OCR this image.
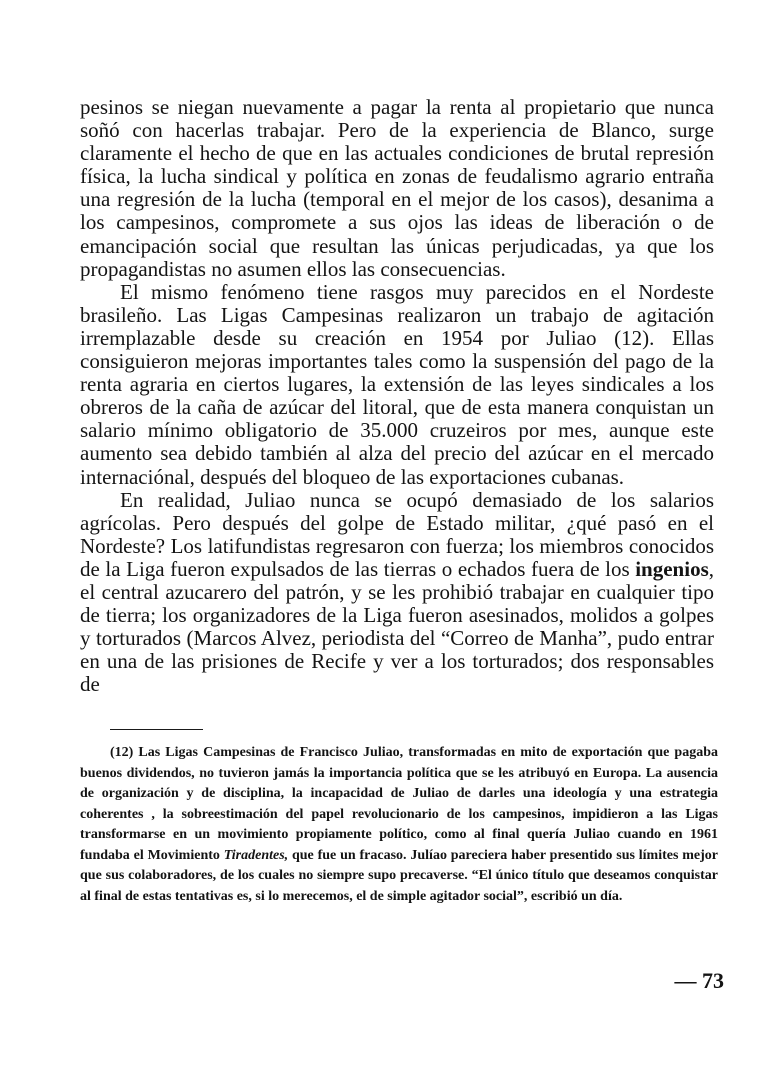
pesinos se niegan nuevamente a pagar la renta al propietario que nunca soñó con hacerlas trabajar. Pero de la experiencia de Blanco, surge claramente el hecho de que en las actuales condiciones de brutal represión física, la lucha sindical y política en zonas de feudalismo agrario entraña una regresión de la lucha (temporal en el mejor de los casos), desanima a los campesinos, compromete a sus ojos las ideas de liberación o de emancipación social que resultan las únicas perjudicadas, ya que los propagandistas no asumen ellos las consecuencias.

El mismo fenómeno tiene rasgos muy parecidos en el Nordeste brasileño. Las Ligas Campesinas realizaron un trabajo de agitación irremplazable desde su creación en 1954 por Juliao (12). Ellas consiguieron mejoras importantes tales como la suspensión del pago de la renta agraria en ciertos lugares, la extensión de las leyes sindicales a los obreros de la caña de azúcar del litoral, que de esta manera conquistan un salario mínimo obligatorio de 35.000 cruzeiros por mes, aunque este aumento sea debido también al alza del precio del azúcar en el mercado internaciónal, después del bloqueo de las exportaciones cubanas.

En realidad, Juliao nunca se ocupó demasiado de los salarios agrícolas. Pero después del golpe de Estado militar, ¿qué pasó en el Nordeste? Los latifundistas regresaron con fuerza; los miembros conocidos de la Liga fueron expulsados de las tierras o echados fuera de los ingenios, el central azucarero del patrón, y se les prohibió trabajar en cualquier tipo de tierra; los organizadores de la Liga fueron asesinados, molidos a golpes y torturados (Marcos Alvez, periodista del “Correo de Manha”, pudo entrar en una de las prisiones de Recife y ver a los torturados; dos responsables de

(12) Las Ligas Campesinas de Francisco Juliao, transformadas en mito de exportación que pagaba buenos dividendos, no tuvieron jamás la importancia política que se les atribuyó en Europa. La ausencia de organización y de disciplina, la incapacidad de Juliao de darles una ideología y una estrategia coherentes , la sobreestimación del papel revolucionario de los campesinos, impidieron a las Ligas transformarse en un movimiento propiamente político, como al final quería Juliao cuando en 1961 fundaba el Movimiento Tiradentes, que fue un fracaso. Julíao pareciera haber presentido sus límites mejor que sus colaboradores, de los cuales no siempre supo precaverse. “El único título que deseamos conquistar al final de estas tentativas es, si lo merecemos, el de simple agitador social”, escribió un día.

— 73
